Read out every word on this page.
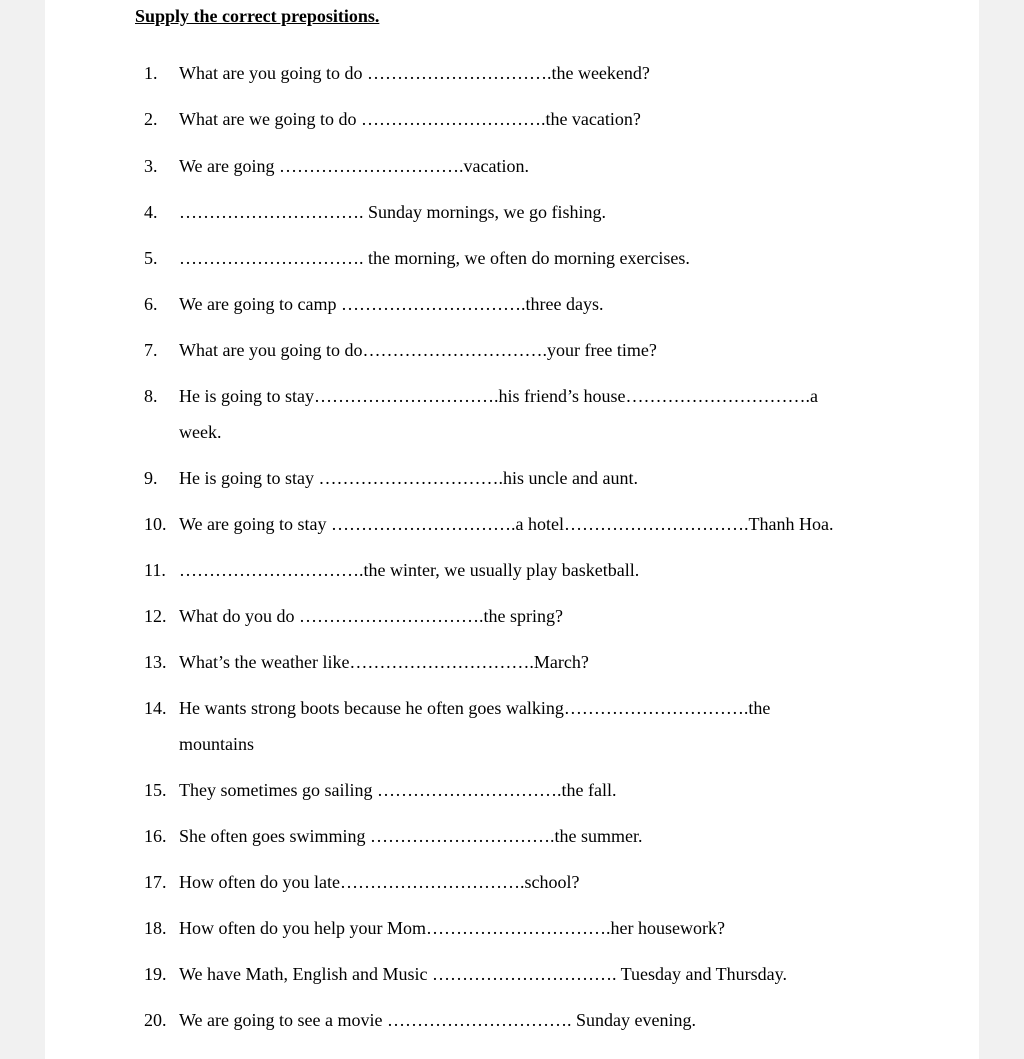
Supply the correct prepositions.

1. What are you going to do ………………………….the weekend?

2. What are we going to do ………………………….the vacation?

3. We are going ………………………….vacation.

4. …………………………. Sunday mornings, we go fishing.

5. …………………………. the morning, we often do morning exercises.

6. We are going to camp ………………………….three days.

7. What are you going to do………………………….your free time?

8. He is going to stay………………………….his friend’s house………………………….a

week.

9. He is going to stay ………………………….his uncle and aunt.

10. We are going to stay ………………………….a hotel………………………….Thanh Hoa.

11. ………………………….the winter, we usually play basketball.

12. What do you do ………………………….the spring?

13. What’s the weather like………………………….March?

14. He wants strong boots because he often goes walking………………………….the

mountains

15. They sometimes go sailing ………………………….the fall.

16. She often goes swimming ………………………….the summer.

17. How often do you late………………………….school?

18. How often do you help your Mom………………………….her housework?

19. We have Math, English and Music …………………………. Tuesday and Thursday.

20. We are going to see a movie …………………………. Sunday evening.
